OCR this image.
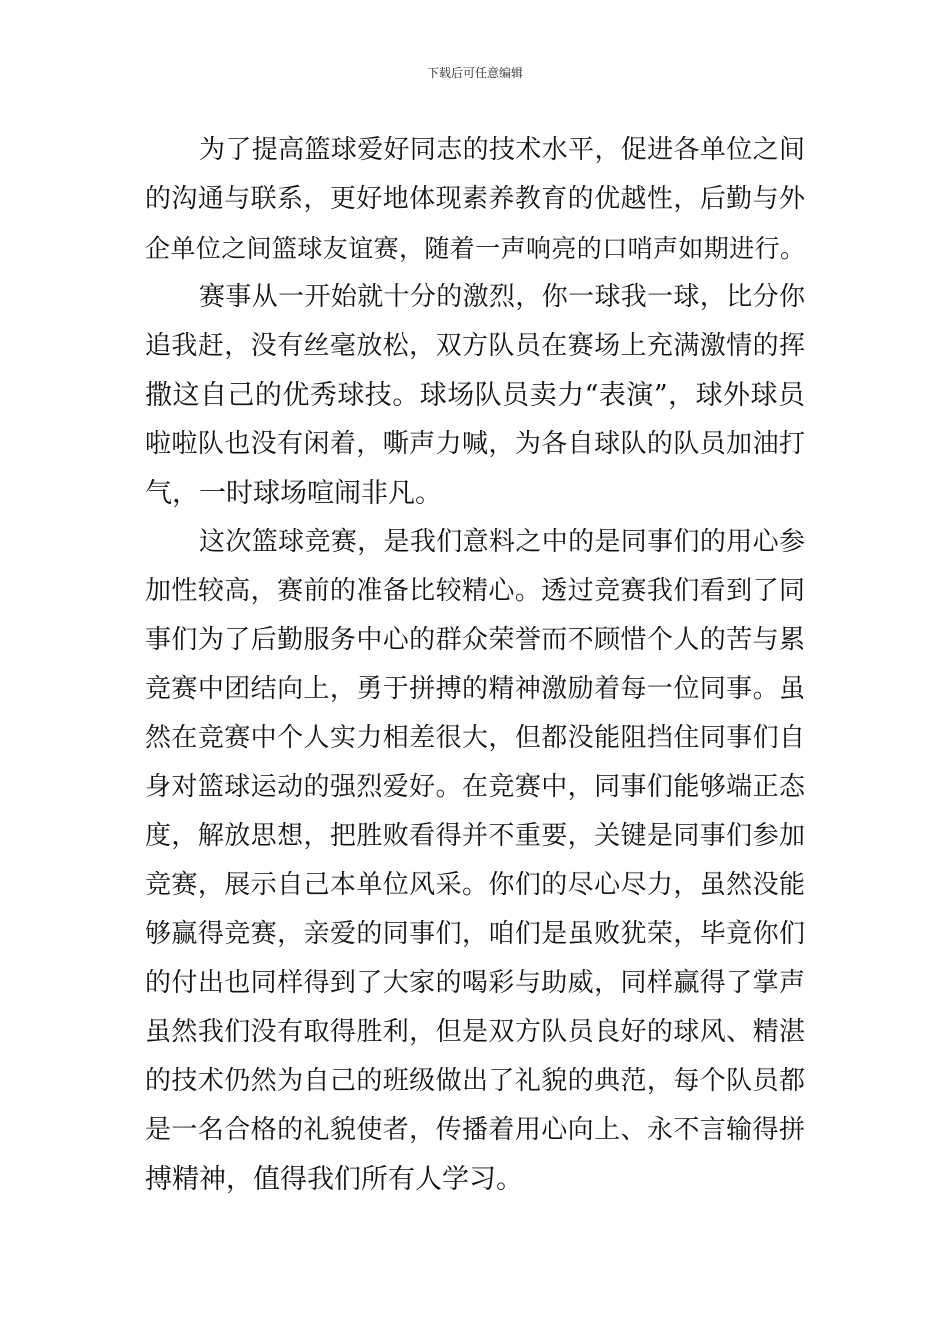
下载后可任意编辑
为了提高篮球爱好同志的技术水平，促进各单位之间
的沟通与联系，更好地体现素养教育的优越性，后勤与外
企单位之间篮球友谊赛，随着一声响亮的口哨声如期进行。
赛事从一开始就十分的激烈，你一球我一球，比分你
追我赶，没有丝毫放松，双方队员在赛场上充满激情的挥
撒这自己的优秀球技。球场队员卖力“表演”，球外球员
啦啦队也没有闲着，嘶声力喊，为各自球队的队员加油打
气，一时球场喧闹非凡。
这次篮球竞赛，是我们意料之中的是同事们的用心参
加性较高，赛前的准备比较精心。透过竞赛我们看到了同
事们为了后勤服务中心的群众荣誉而不顾惜个人的苦与累
竞赛中团结向上，勇于拼搏的精神激励着每一位同事。虽
然在竞赛中个人实力相差很大，但都没能阻挡住同事们自
身对篮球运动的强烈爱好。在竞赛中，同事们能够端正态
度，解放思想，把胜败看得并不重要，关键是同事们参加
竞赛，展示自己本单位风采。你们的尽心尽力，虽然没能
够赢得竞赛，亲爱的同事们，咱们是虽败犹荣，毕竟你们
的付出也同样得到了大家的喝彩与助威，同样赢得了掌声
虽然我们没有取得胜利，但是双方队员良好的球风、精湛
的技术仍然为自己的班级做出了礼貌的典范，每个队员都
是一名合格的礼貌使者，传播着用心向上、永不言输得拼
搏精神，值得我们所有人学习。
